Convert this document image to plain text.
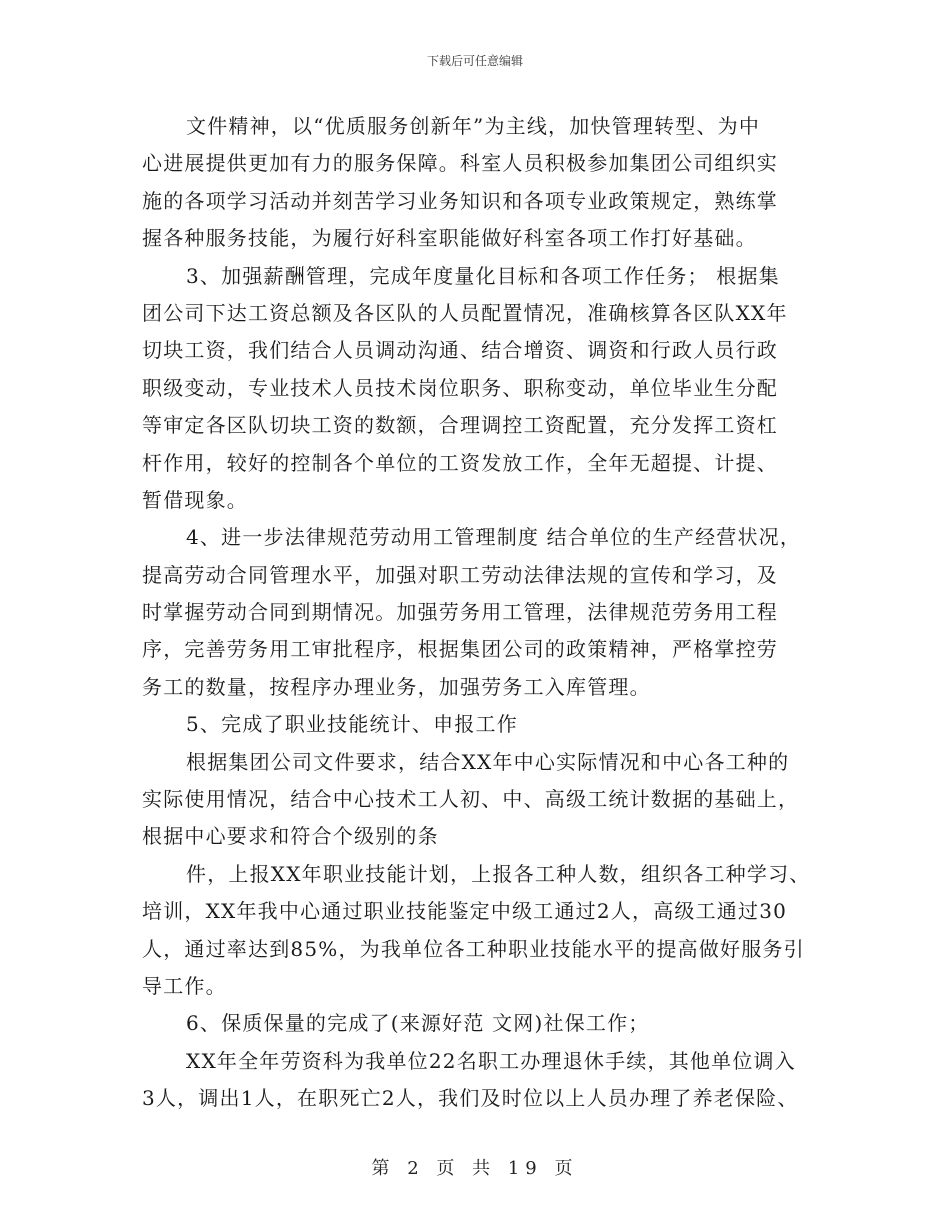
下载后可任意编辑
文件精神，以“优质服务创新年”为主线，加快管理转型、为中
心进展提供更加有力的服务保障。科室人员积极参加集团公司组织实
施的各项学习活动并刻苦学习业务知识和各项专业政策规定，熟练掌
握各种服务技能，为履行好科室职能做好科室各项工作打好基础。
3、加强薪酬管理，完成年度量化目标和各项工作任务； 根据集
团公司下达工资总额及各区队的人员配置情况，准确核算各区队XX年
切块工资，我们结合人员调动沟通、结合增资、调资和行政人员行政
职级变动，专业技术人员技术岗位职务、职称变动，单位毕业生分配
等审定各区队切块工资的数额，合理调控工资配置，充分发挥工资杠
杆作用，较好的控制各个单位的工资发放工作，全年无超提、计提、
暂借现象。
4、进一步法律规范劳动用工管理制度 结合单位的生产经营状况，
提高劳动合同管理水平，加强对职工劳动法律法规的宣传和学习，及
时掌握劳动合同到期情况。加强劳务用工管理，法律规范劳务用工程
序，完善劳务用工审批程序，根据集团公司的政策精神，严格掌控劳
务工的数量，按程序办理业务，加强劳务工入库管理。
5、完成了职业技能统计、申报工作
根据集团公司文件要求，结合XX年中心实际情况和中心各工种的
实际使用情况，结合中心技术工人初、中、高级工统计数据的基础上，
根据中心要求和符合个级别的条
件，上报XX年职业技能计划，上报各工种人数，组织各工种学习、
培训，XX年我中心通过职业技能鉴定中级工通过2人，高级工通过30
人，通过率达到85%，为我单位各工种职业技能水平的提高做好服务引
导工作。
6、保质保量的完成了(来源好范 文网)社保工作；
XX年全年劳资科为我单位22名职工办理退休手续，其他单位调入
3人，调出1人，在职死亡2人，我们及时位以上人员办理了养老保险、
第 2 页 共 19 页
